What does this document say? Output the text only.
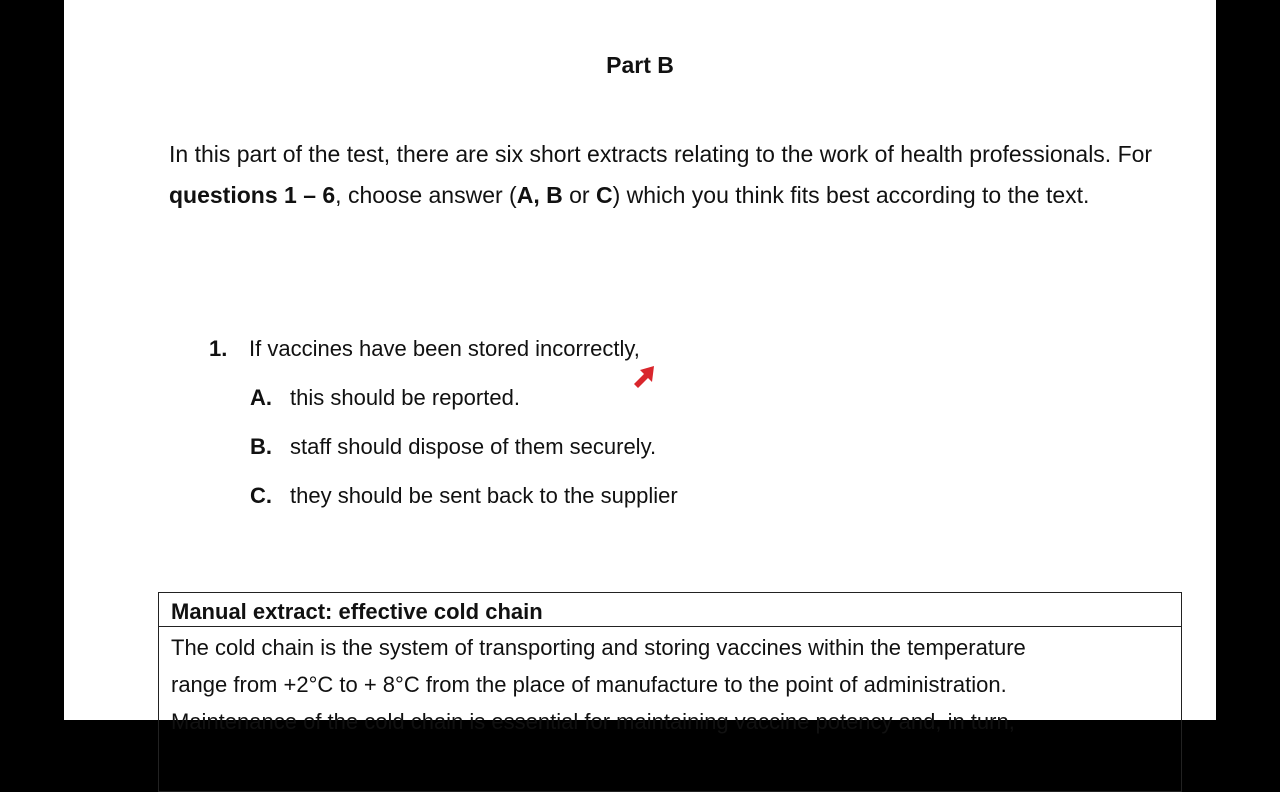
Part B

In this part of the test, there are six short extracts relating to the work of health professionals. For questions 1 – 6, choose answer (A, B or C) which you think fits best according to the text.

1. If vaccines have been stored incorrectly,

A. this should be reported.

B. staff should dispose of them securely.

C. they should be sent back to the supplier

Manual extract: effective cold chain
The cold chain is the system of transporting and storing vaccines within the temperature
range from +2°C to + 8°C from the place of manufacture to the point of administration.
Maintenance of the cold chain is essential for maintaining vaccine potency and, in turn,
